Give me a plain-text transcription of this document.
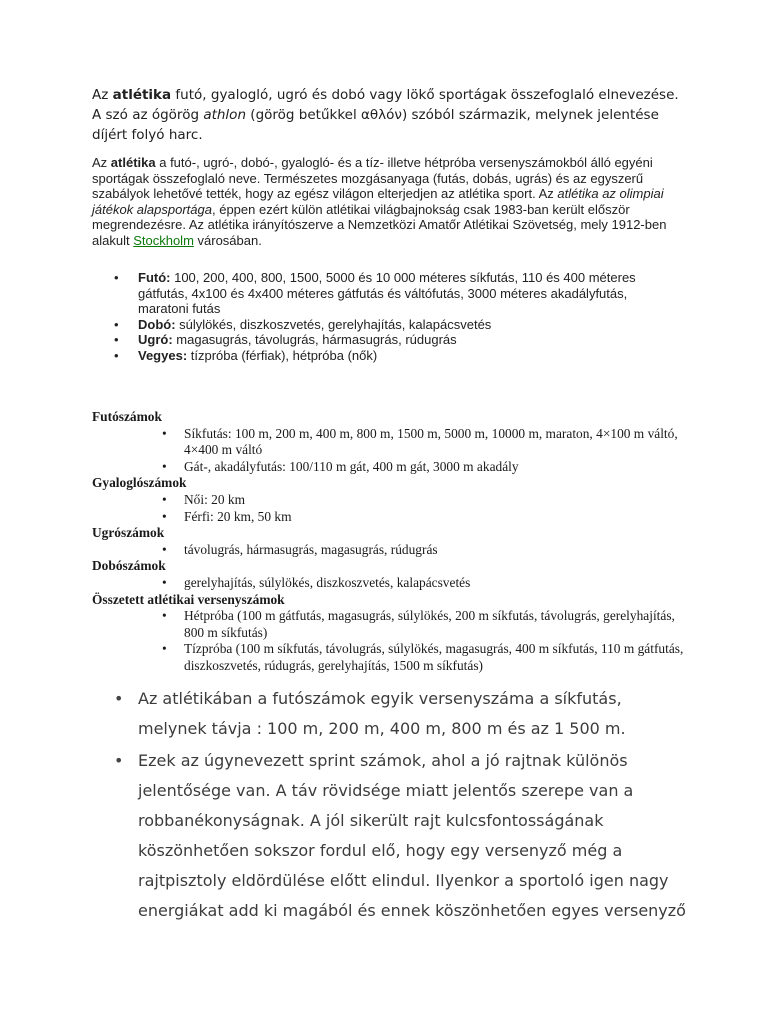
Az atlétika futó, gyalogló, ugró és dobó vagy lökő sportágak összefoglaló elnevezése. A szó az ógörög athlon (görög betűkkel αθλόν) szóból származik, melynek jelentése díjért folyó harc.

Az atlétika a futó-, ugró-, dobó-, gyalogló- és a tíz- illetve hétpróba versenyszámokból álló egyéni sportágak összefoglaló neve. Természetes mozgásanyaga (futás, dobás, ugrás) és az egyszerű szabályok lehetővé tették, hogy az egész világon elterjedjen az atlétika sport. Az atlétika az olimpiai játékok alapsportága, éppen ezért külön atlétikai világbajnokság csak 1983-ban került először megrendezésre. Az atlétika irányítószerve a Nemzetközi Amatőr Atlétikai Szövetség, mely 1912-ben alakult Stockholm városában.

• Futó: 100, 200, 400, 800, 1500, 5000 és 10 000 méteres síkfutás, 110 és 400 méteres gátfutás, 4x100 és 4x400 méteres gátfutás és váltófutás, 3000 méteres akadályfutás, maratoni futás
• Dobó: súlylökés, diszkoszvetés, gerelyhajítás, kalapácsvetés
• Ugró: magasugrás, távolugrás, hármasugrás, rúdugrás
• Vegyes: tízpróba (férfiak), hétpróba (nők)
Futószámok
• Síkfutás: 100 m, 200 m, 400 m, 800 m, 1500 m, 5000 m, 10000 m, maraton, 4×100 m váltó, 4×400 m váltó
• Gát-, akadályfutás: 100/110 m gát, 400 m gát, 3000 m akadály
Gyaloglószámok
• Női: 20 km
• Férfi: 20 km, 50 km
Ugrószámok
• távolugrás, hármasugrás, magasugrás, rúdugrás
Dobószámok
• gerelyhajítás, súlylökés, diszkoszvetés, kalapácsvetés
Összetett atlétikai versenyszámok
• Hétpróba (100 m gátfutás, magasugrás, súlylökés, 200 m síkfutás, távolugrás, gerelyhajítás, 800 m síkfutás)
• Tízpróba (100 m síkfutás, távolugrás, súlylökés, magasugrás, 400 m síkfutás, 110 m gátfutás, diszkoszvetés, rúdugrás, gerelyhajítás, 1500 m síkfutás)
• Az atlétikában a futószámok egyik versenyszáma a síkfutás, melynek távja : 100 m, 200 m, 400 m, 800 m és az 1 500 m.
• Ezek az úgynevezett sprint számok, ahol a jó rajtnak különös jelentősége van. A táv rövidsége miatt jelentős szerepe van a robbanékonyságnak. A jól sikerült rajt kulcsfontosságának köszönhetően sokszor fordul elő, hogy egy versenyző még a rajtpisztoly eldördülése előtt elindul. Ilyenkor a sportoló igen nagy energiákat add ki magából és ennek köszönhetően egyes versenyző
